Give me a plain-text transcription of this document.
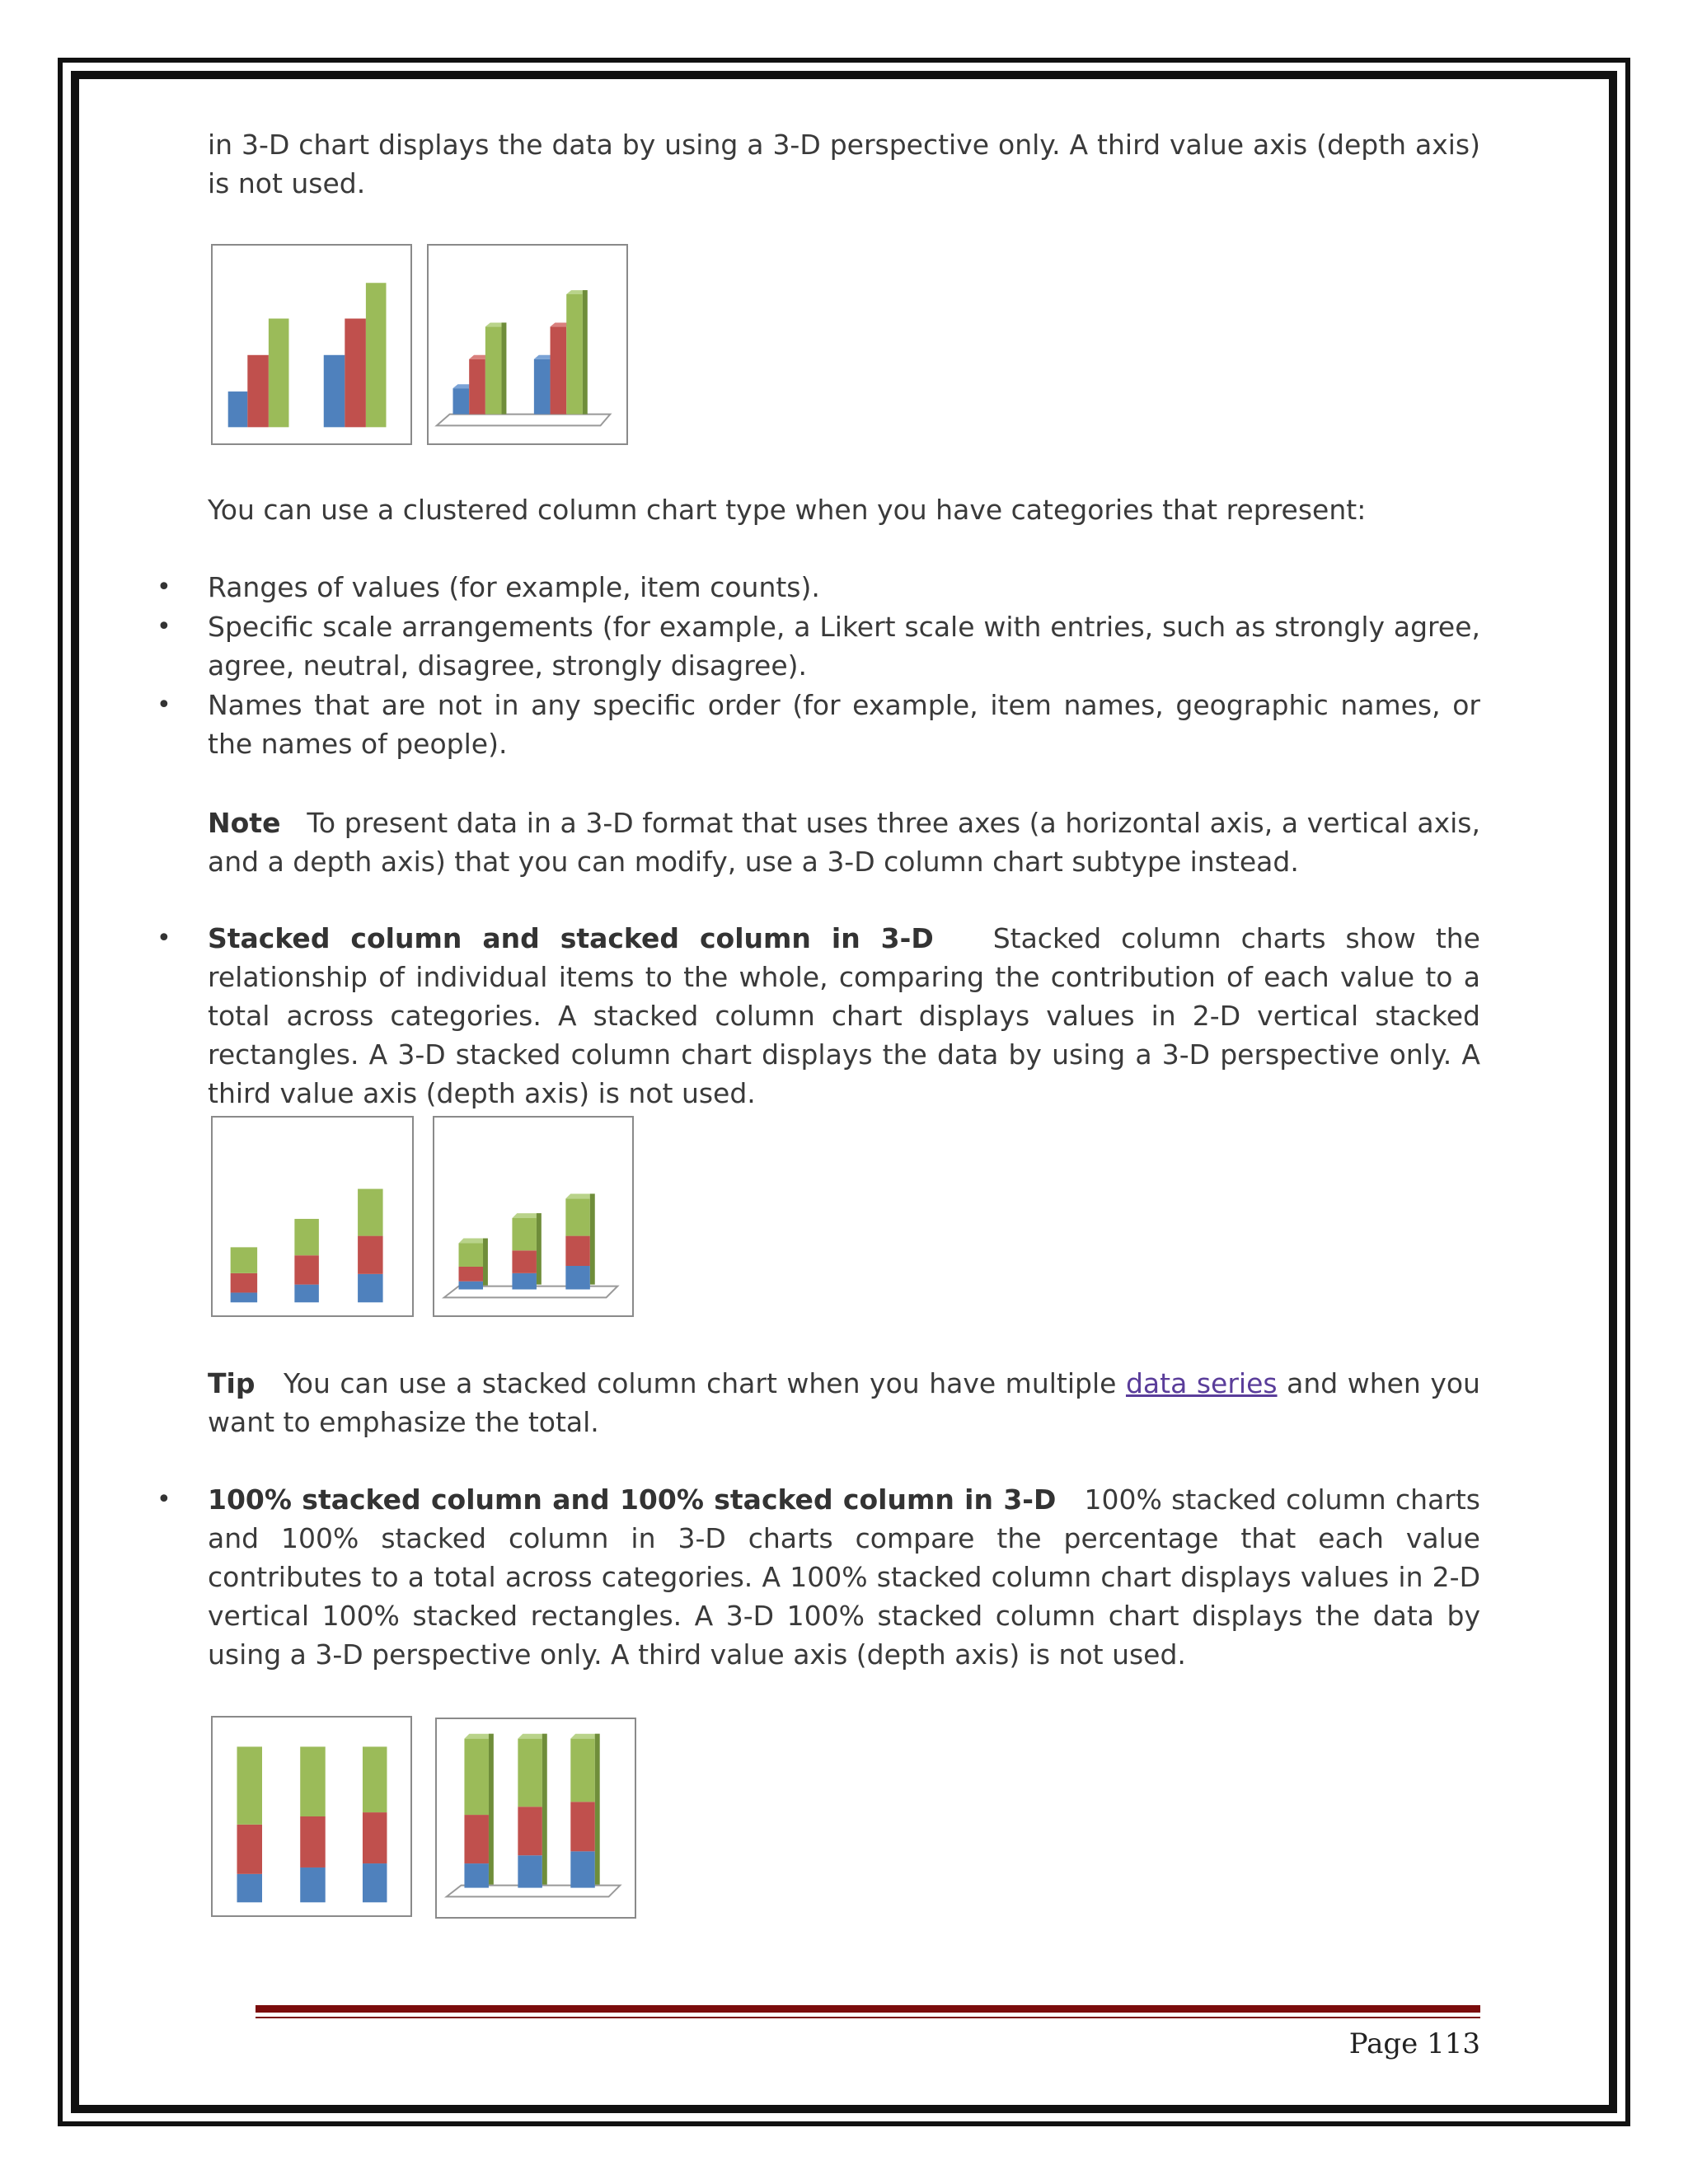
in 3-D chart displays the data by using a 3-D perspective only. A third value axis (depth axis) is not used.

You can use a clustered column chart type when you have categories that represent:

• Ranges of values (for example, item counts).

• Specific scale arrangements (for example, a Likert scale with entries, such as strongly agree, agree, neutral, disagree, strongly disagree).

• Names that are not in any specific order (for example, item names, geographic names, or the names of people).

Note To present data in a 3-D format that uses three axes (a horizontal axis, a vertical axis, and a depth axis) that you can modify, use a 3-D column chart subtype instead.

• Stacked column and stacked column in 3-D Stacked column charts show the relationship of individual items to the whole, comparing the contribution of each value to a total across categories. A stacked column chart displays values in 2-D vertical stacked rectangles. A 3-D stacked column chart displays the data by using a 3-D perspective only. A third value axis (depth axis) is not used.

Tip You can use a stacked column chart when you have multiple data series and when you want to emphasize the total.

• 100% stacked column and 100% stacked column in 3-D 100% stacked column charts and 100% stacked column in 3-D charts compare the percentage that each value contributes to a total across categories. A 100% stacked column chart displays values in 2-D vertical 100% stacked rectangles. A 3-D 100% stacked column chart displays the data by using a 3-D perspective only. A third value axis (depth axis) is not used.

Page 113
